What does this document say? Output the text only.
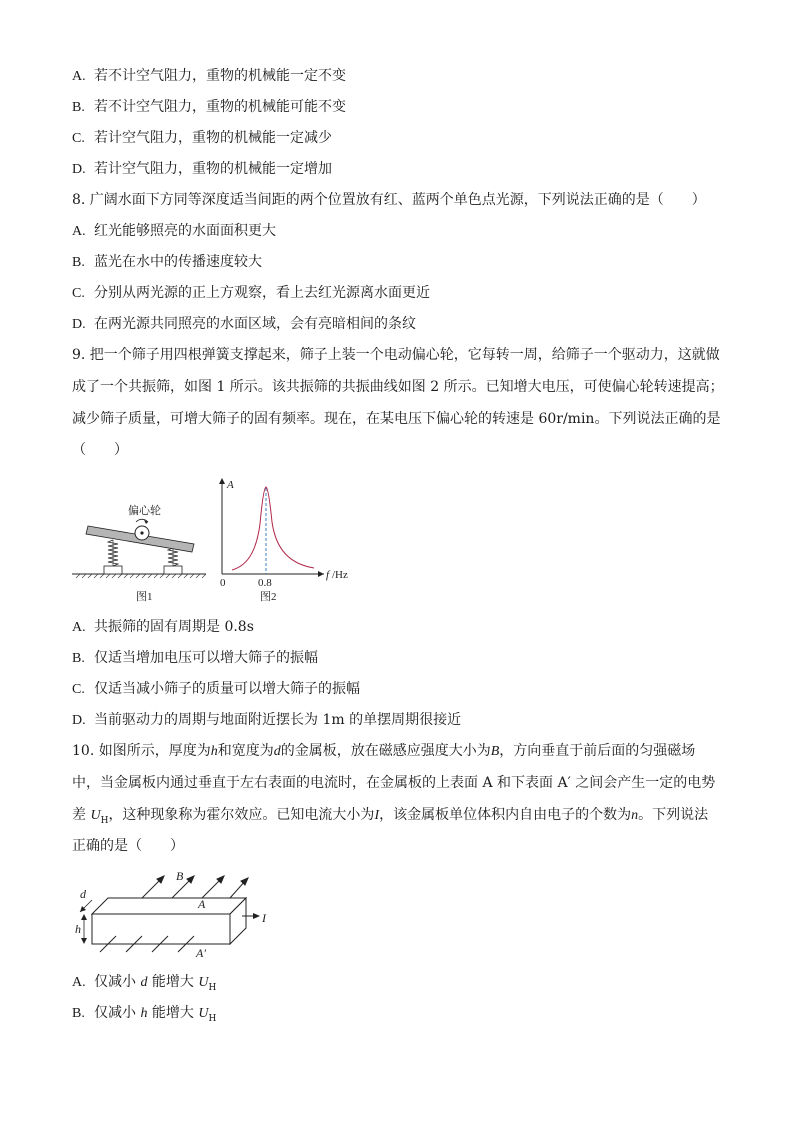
A. 若不计空气阻力，重物的机械能一定不变
B. 若不计空气阻力，重物的机械能可能不变
C. 若计空气阻力，重物的机械能一定减少
D. 若计空气阻力，重物的机械能一定增加
8. 广阔水面下方同等深度适当间距的两个位置放有红、蓝两个单色点光源，下列说法正确的是（　　）
A. 红光能够照亮的水面面积更大
B. 蓝光在水中的传播速度较大
C. 分别从两光源的正上方观察，看上去红光源离水面更近
D. 在两光源共同照亮的水面区域，会有亮暗相间的条纹
9. 把一个筛子用四根弹簧支撑起来，筛子上装一个电动偏心轮，它每转一周，给筛子一个驱动力，这就做
成了一个共振筛，如图 1 所示。该共振筛的共振曲线如图 2 所示。已知增大电压，可使偏心轮转速提高；
减少筛子质量，可增大筛子的固有频率。现在，在某电压下偏心轮的转速是 60r/min。下列说法正确的是
（　　）
偏心轮
图1
A
f /Hz
0	0.8
图2
A. 共振筛的固有周期是 0.8s
B. 仅适当增加电压可以增大筛子的振幅
C. 仅适当减小筛子的质量可以增大筛子的振幅
D. 当前驱动力的周期与地面附近摆长为 1m 的单摆周期很接近
10. 如图所示，厚度为h和宽度为d的金属板，放在磁感应强度大小为B，方向垂直于前后面的匀强磁场
中，当金属板内通过垂直于左右表面的电流时，在金属板的上表面 A 和下表面 A′ 之间会产生一定的电势
差 $U_H$，这种现象称为霍尔效应。已知电流大小为I，该金属板单位体积内自由电子的个数为n。下列说法
正确的是（　　）
B
d
h
A
A′
I
A. 仅减小 d 能增大 $U_H$
B. 仅减小 h 能增大 $U_H$
